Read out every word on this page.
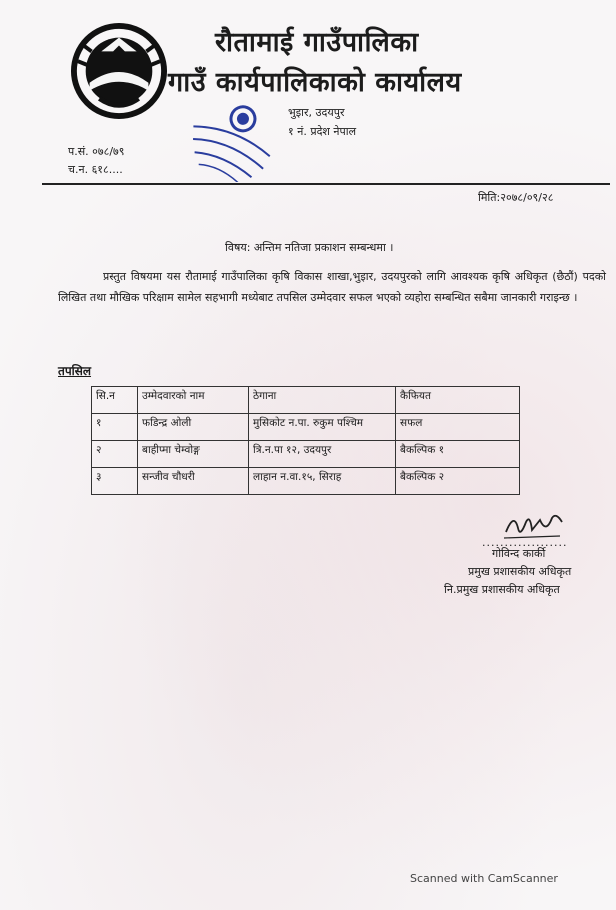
रौतामाई गाउँपालिका
गाउँ कार्यपालिकाको कार्यालय
भुइार, उदयपुर
१ नं. प्रदेश नेपाल
प.सं. ०७८/७९
च.न. ६१८....
मिति:२०७८/०९/२८
विषय: अन्तिम नतिजा प्रकाशन सम्बन्धमा ।
प्रस्तुत विषयमा यस रौतामाई गाउँपालिका कृषि विकास शाखा,भुइार, उदयपुरको लागि आवश्यक कृषि अधिकृत (छैठौं) पदको लिखित तथा मौखिक परिक्षाम सामेल सहभागी मध्येबाट तपसिल उम्मेदवार सफल भएको व्यहोरा सम्बन्धित सबैमा जानकारी गराइन्छ ।
तपसिल
सि.न	उम्मेदवारको नाम	ठेगाना	कैफियत
१	फडिन्द्र ओली	मुसिकोट न.पा. रुकुम पश्चिम	सफल
२	बाहीप्मा चेम्वोङ्ग	त्रि.न.पा १२, उदयपुर	बैकल्पिक १
३	सन्जीव चौधरी	लाहान न.वा.१५, सिराह	बैकल्पिक २
...................
गोविन्द कार्की
प्रमुख प्रशासकीय अधिकृत
नि.प्रमुख प्रशासकीय अधिकृत
Scanned with CamScanner
